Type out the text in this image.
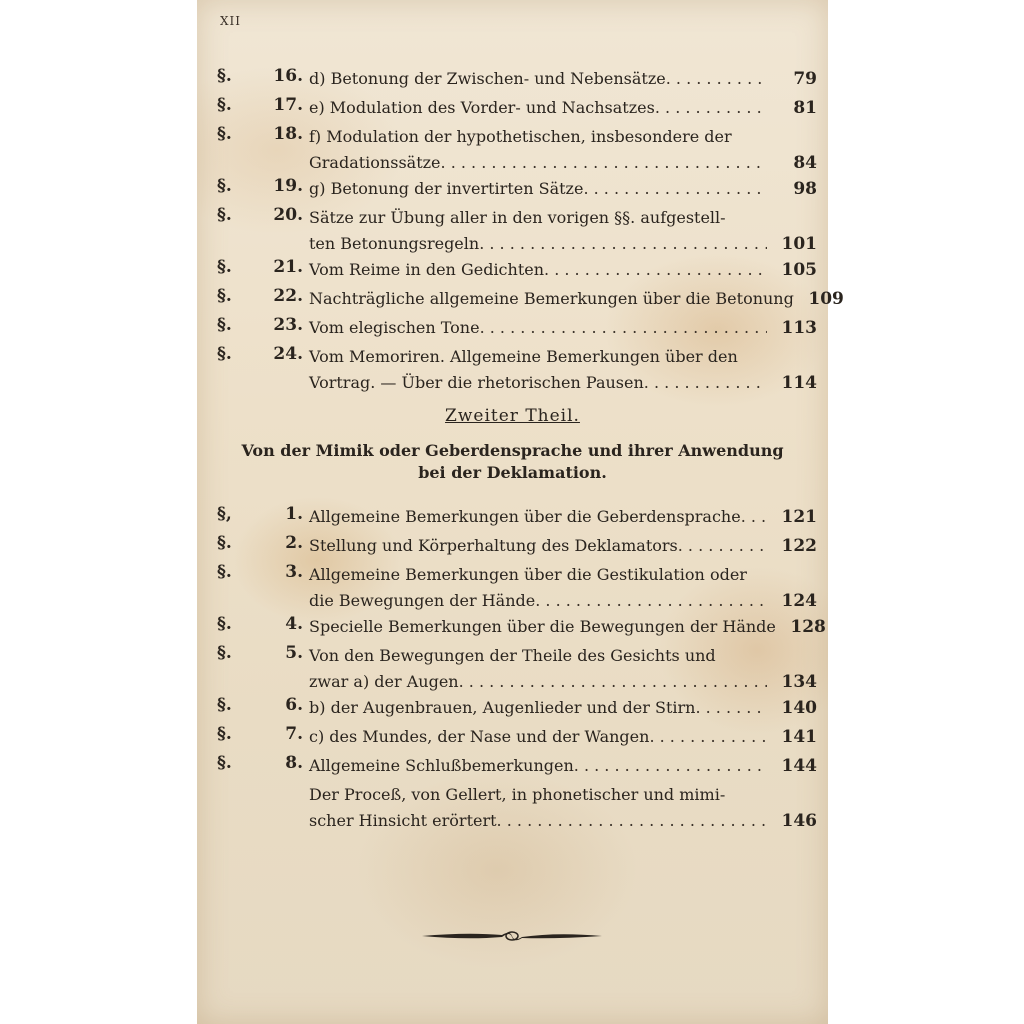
XII
Zweiter Theil.
Von der Mimik oder Geberdensprache und ihrer Anwendung
bei der Deklamation.
§.	16. d) Betonung der Zwischen- und Nebensätze . . .	79
§.	17. e) Modulation des Vorder- und Nachsatzes . . .	81
§.	18. f) Modulation der hypothetischen, insbesondere der
Gradationssätze . . .	84
§.	19. g) Betonung der invertirten Sätze . . .	98
§.	20. Sätze zur Übung aller in den vorigen §§. aufgestell-
ten Betonungsregeln . . .	101
§.	21. Vom Reime in den Gedichten . . .	105
§.	22. Nachträgliche allgemeine Bemerkungen über die Betonung 109
§.	23. Vom elegischen Tone . . .	113
§.	24. Vom Memoriren. Allgemeine Bemerkungen über den
Vortrag. — Über die rhetorischen Pausen . . .	114
§,	1. Allgemeine Bemerkungen über die Geberdensprache . . .	121
§.	2. Stellung und Körperhaltung des Deklamators . . .	122
§.	3. Allgemeine Bemerkungen über die Gestikulation oder
die Bewegungen der Hände . . .	124
§.	4. Specielle Bemerkungen über die Bewegungen der Hände 128
§.	5. Von den Bewegungen der Theile des Gesichts und
zwar a) der Augen . . .	134
§.	6. b) der Augenbrauen, Augenlieder und der Stirn . . .	140
§.	7. c) des Mundes, der Nase und der Wangen . . .	141
§.	8. Allgemeine Schlußbemerkungen . . .	144
Der Proceß, von Gellert, in phonetischer und mimi-
scher Hinsicht erörtert . . .	146
